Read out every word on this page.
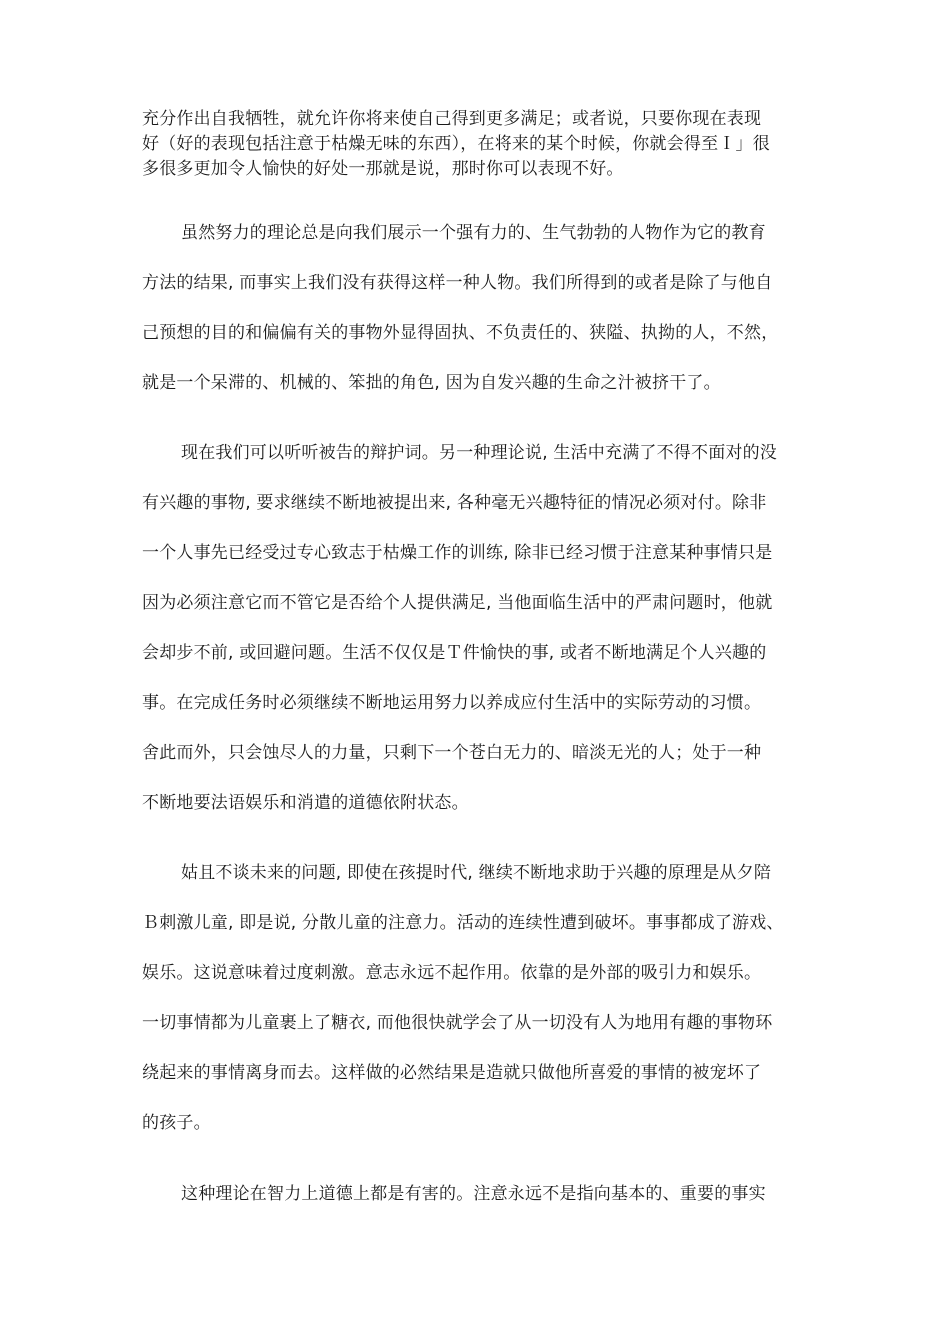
充分作出自我牺牲，就允许你将来使自己得到更多满足；或者说，只要你现在表现
好（好的表现包括注意于枯燥无味的东西），在将来的某个时候，你就会得至Ｉ」很
多很多更加令人愉快的好处一那就是说，那时你可以表现不好。
虽然努力的理论总是向我们展示一个强有力的、生气勃勃的人物作为它的教育
方法的结果, 而事实上我们没有获得这样一种人物。我们所得到的或者是除了与他自
己预想的目的和偏偏有关的事物外显得固执、不负责任的、狭隘、执拗的人，不然，
就是一个呆滞的、机械的、笨拙的角色, 因为自发兴趣的生命之汁被挤干了。
现在我们可以听听被告的辩护词。另一种理论说, 生活中充满了不得不面对的没
有兴趣的事物, 要求继续不断地被提出来, 各种毫无兴趣特征的情况必须对付。除非
一个人事先已经受过专心致志于枯燥工作的训练, 除非已经习惯于注意某种事情只是
因为必须注意它而不管它是否给个人提供满足, 当他面临生活中的严肃问题时，他就
会却步不前, 或回避问题。生活不仅仅是Ｔ件愉快的事, 或者不断地满足个人兴趣的
事。在完成任务时必须继续不断地运用努力以养成应付生活中的实际劳动的习惯。
舍此而外，只会蚀尽人的力量，只剩下一个苍白无力的、暗淡无光的人；处于一种
不断地要法语娱乐和消遣的道德依附状态。
姑且不谈未来的问题, 即使在孩提时代, 继续不断地求助于兴趣的原理是从夕陪
Ｂ刺激儿童, 即是说, 分散儿童的注意力。活动的连续性遭到破坏。事事都成了游戏、
娱乐。这说意味着过度刺激。意志永远不起作用。依靠的是外部的吸引力和娱乐。
一切事情都为儿童裹上了糖衣, 而他很快就学会了从一切没有人为地用有趣的事物环
绕起来的事情离身而去。这样做的必然结果是造就只做他所喜爱的事情的被宠坏了
的孩子。
这种理论在智力上道德上都是有害的。注意永远不是指向基本的、重要的事实
